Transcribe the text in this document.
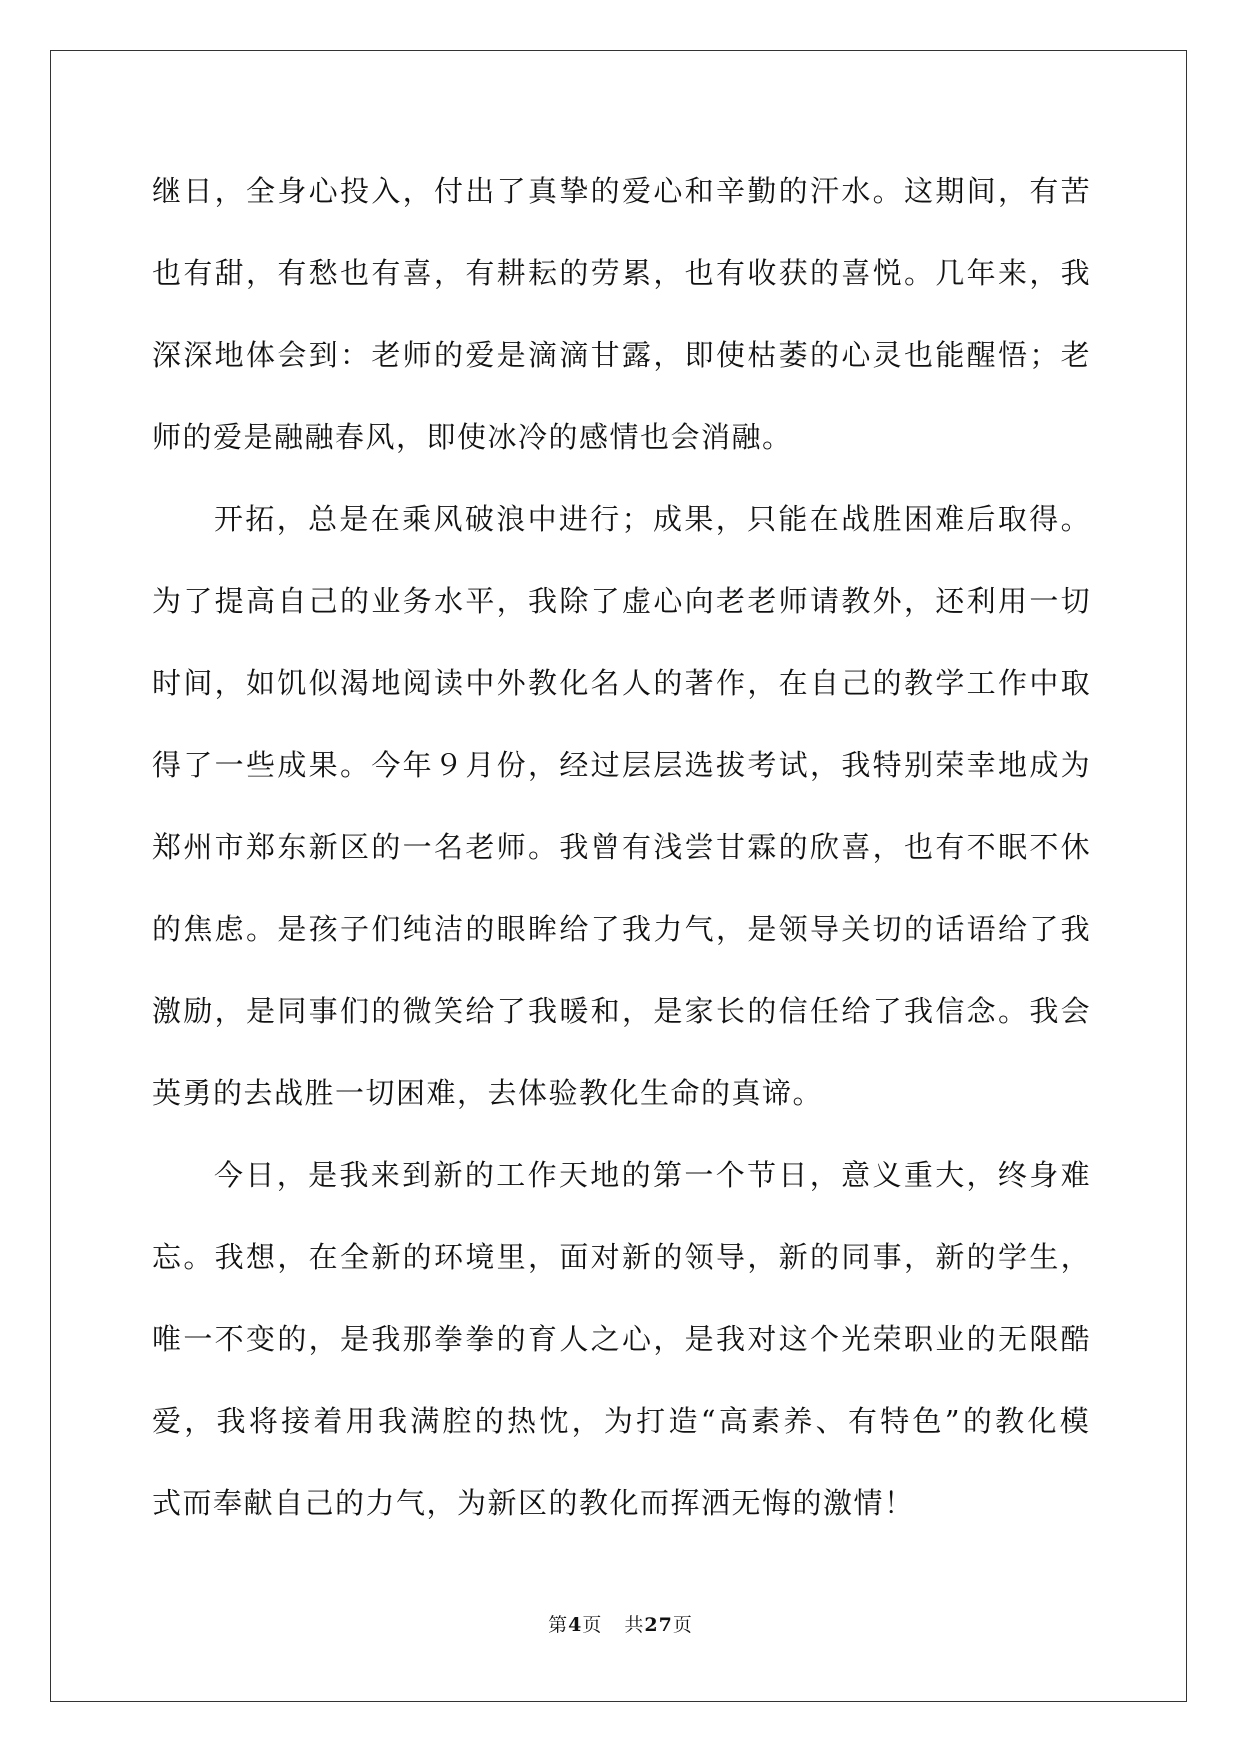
继日，全身心投入，付出了真挚的爱心和辛勤的汗水。这期间，有苦
也有甜，有愁也有喜，有耕耘的劳累，也有收获的喜悦。几年来，我
深深地体会到：老师的爱是滴滴甘露，即使枯萎的心灵也能醒悟；老
师的爱是融融春风，即使冰冷的感情也会消融。

开拓，总是在乘风破浪中进行；成果，只能在战胜困难后取得。
为了提高自己的业务水平，我除了虚心向老老师请教外，还利用一切
时间，如饥似渴地阅读中外教化名人的著作，在自己的教学工作中取
得了一些成果。今年９月份，经过层层选拔考试，我特别荣幸地成为
郑州市郑东新区的一名老师。我曾有浅尝甘霖的欣喜，也有不眠不休
的焦虑。是孩子们纯洁的眼眸给了我力气，是领导关切的话语给了我
激励，是同事们的微笑给了我暖和，是家长的信任给了我信念。我会
英勇的去战胜一切困难，去体验教化生命的真谛。

今日，是我来到新的工作天地的第一个节日，意义重大，终身难
忘。我想，在全新的环境里，面对新的领导，新的同事，新的学生，
唯一不变的，是我那拳拳的育人之心，是我对这个光荣职业的无限酷
爱，我将接着用我满腔的热忱，为打造“高素养、有特色”的教化模
式而奉献自己的力气，为新区的教化而挥洒无悔的激情！

第4页 共27页
